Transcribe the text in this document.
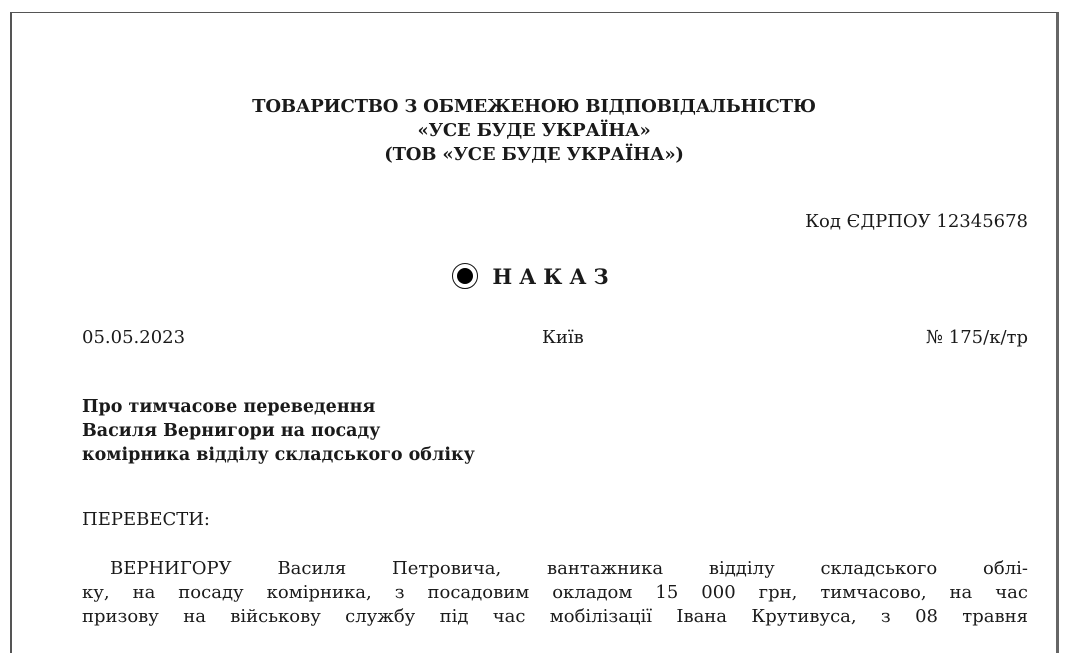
ТОВАРИСТВО З ОБМЕЖЕНОЮ ВІДПОВІДАЛЬНІСТЮ
«УСЕ БУДЕ УКРАЇНА»
(ТОВ «УСЕ БУДЕ УКРАЇНА»)
Код ЄДРПОУ 12345678
НАКАЗ
05.05.2023	Київ	№ 175/к/тр
Про тимчасове переведення
Василя Вернигори на посаду
комірника відділу складського обліку
ПЕРЕВЕСТИ:
ВЕРНИГОРУ Василя Петровича, вантажника відділу складського облі-
ку, на посаду комірника, з посадовим окладом 15 000 грн, тимчасово, на час
призову на військову службу під час мобілізації Івана Крутивуса, з 08 травня
